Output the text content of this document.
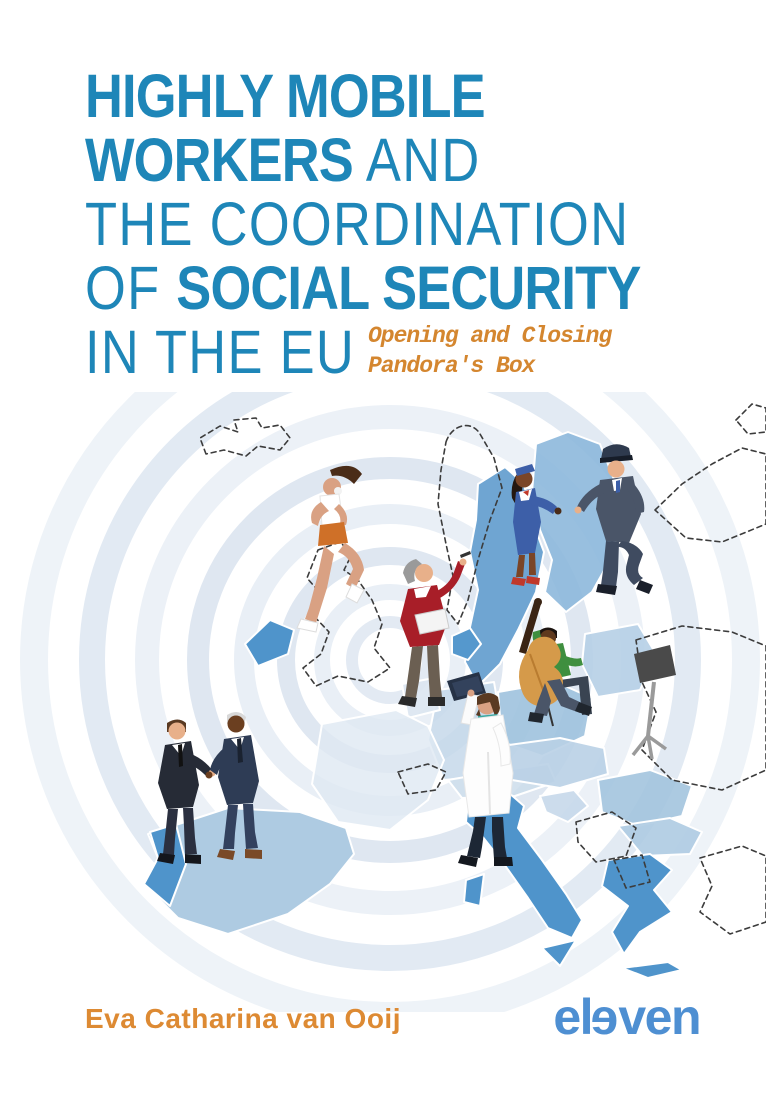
HIGHLY MOBILE
WORKERS AND
THE COORDINATION
OF SOCIAL SECURITY
IN THE EU Opening and Closing
Pandora's Box
Eva Catharina van Ooij	eleven
